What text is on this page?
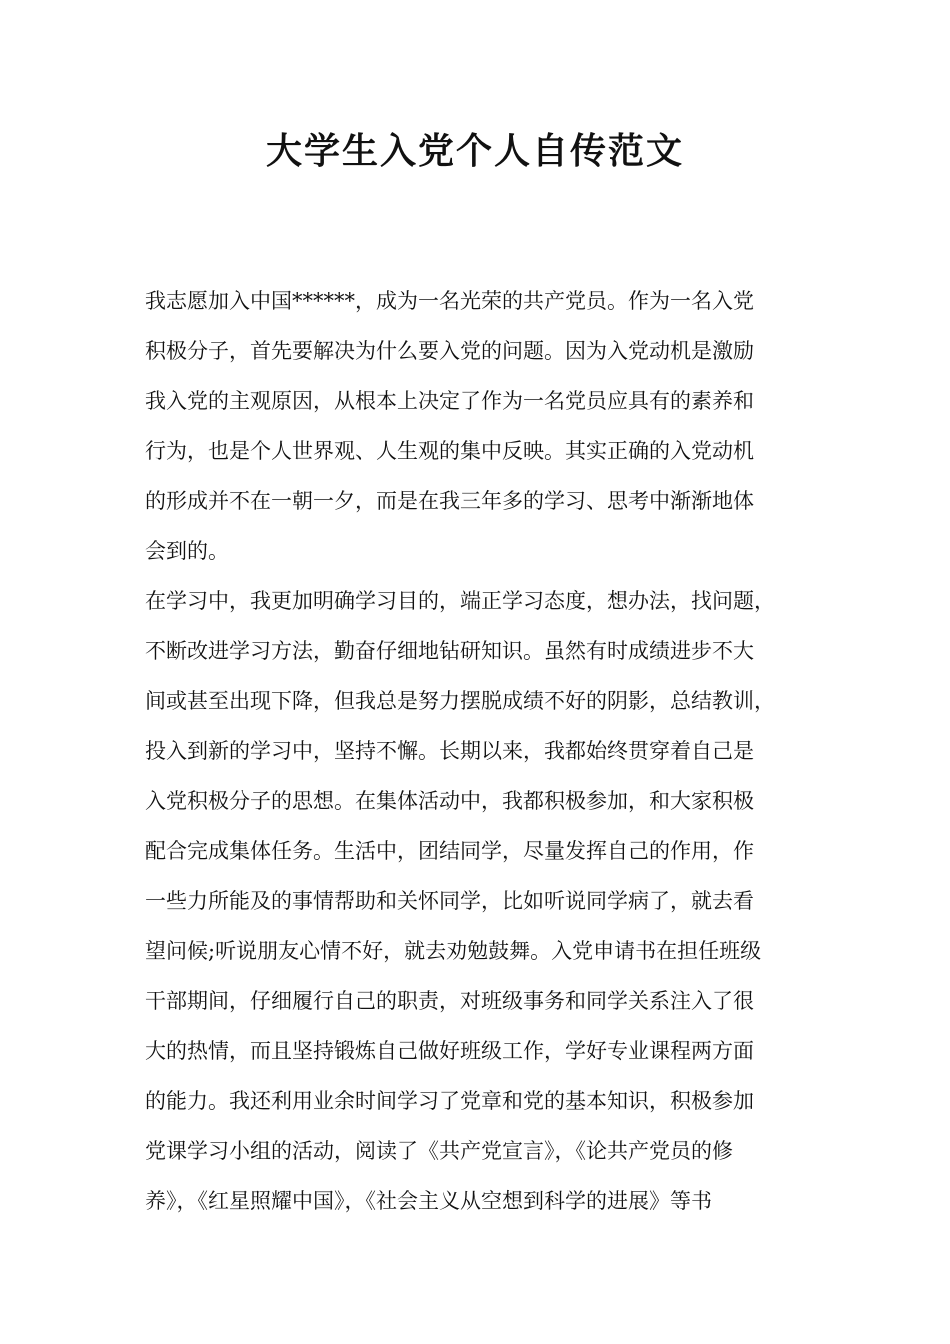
大学生入党个人自传范文
我志愿加入中国******，成为一名光荣的共产党员。作为一名入党
积极分子，首先要解决为什么要入党的问题。因为入党动机是激励
我入党的主观原因，从根本上决定了作为一名党员应具有的素养和
行为，也是个人世界观、人生观的集中反映。其实正确的入党动机
的形成并不在一朝一夕，而是在我三年多的学习、思考中渐渐地体
会到的。
在学习中，我更加明确学习目的，端正学习态度，想办法，找问题，
不断改进学习方法，勤奋仔细地钻研知识。虽然有时成绩进步不大
间或甚至出现下降，但我总是努力摆脱成绩不好的阴影，总结教训，
投入到新的学习中，坚持不懈。长期以来，我都始终贯穿着自己是
入党积极分子的思想。在集体活动中，我都积极参加，和大家积极
配合完成集体任务。生活中，团结同学，尽量发挥自己的作用，作
一些力所能及的事情帮助和关怀同学，比如听说同学病了，就去看
望问候;听说朋友心情不好，就去劝勉鼓舞。入党申请书在担任班级
干部期间，仔细履行自己的职责，对班级事务和同学关系注入了很
大的热情，而且坚持锻炼自己做好班级工作，学好专业课程两方面
的能力。我还利用业余时间学习了党章和党的基本知识，积极参加
党课学习小组的活动，阅读了《共产党宣言》，《论共产党员的修
养》，《红星照耀中国》，《社会主义从空想到科学的进展》等书
